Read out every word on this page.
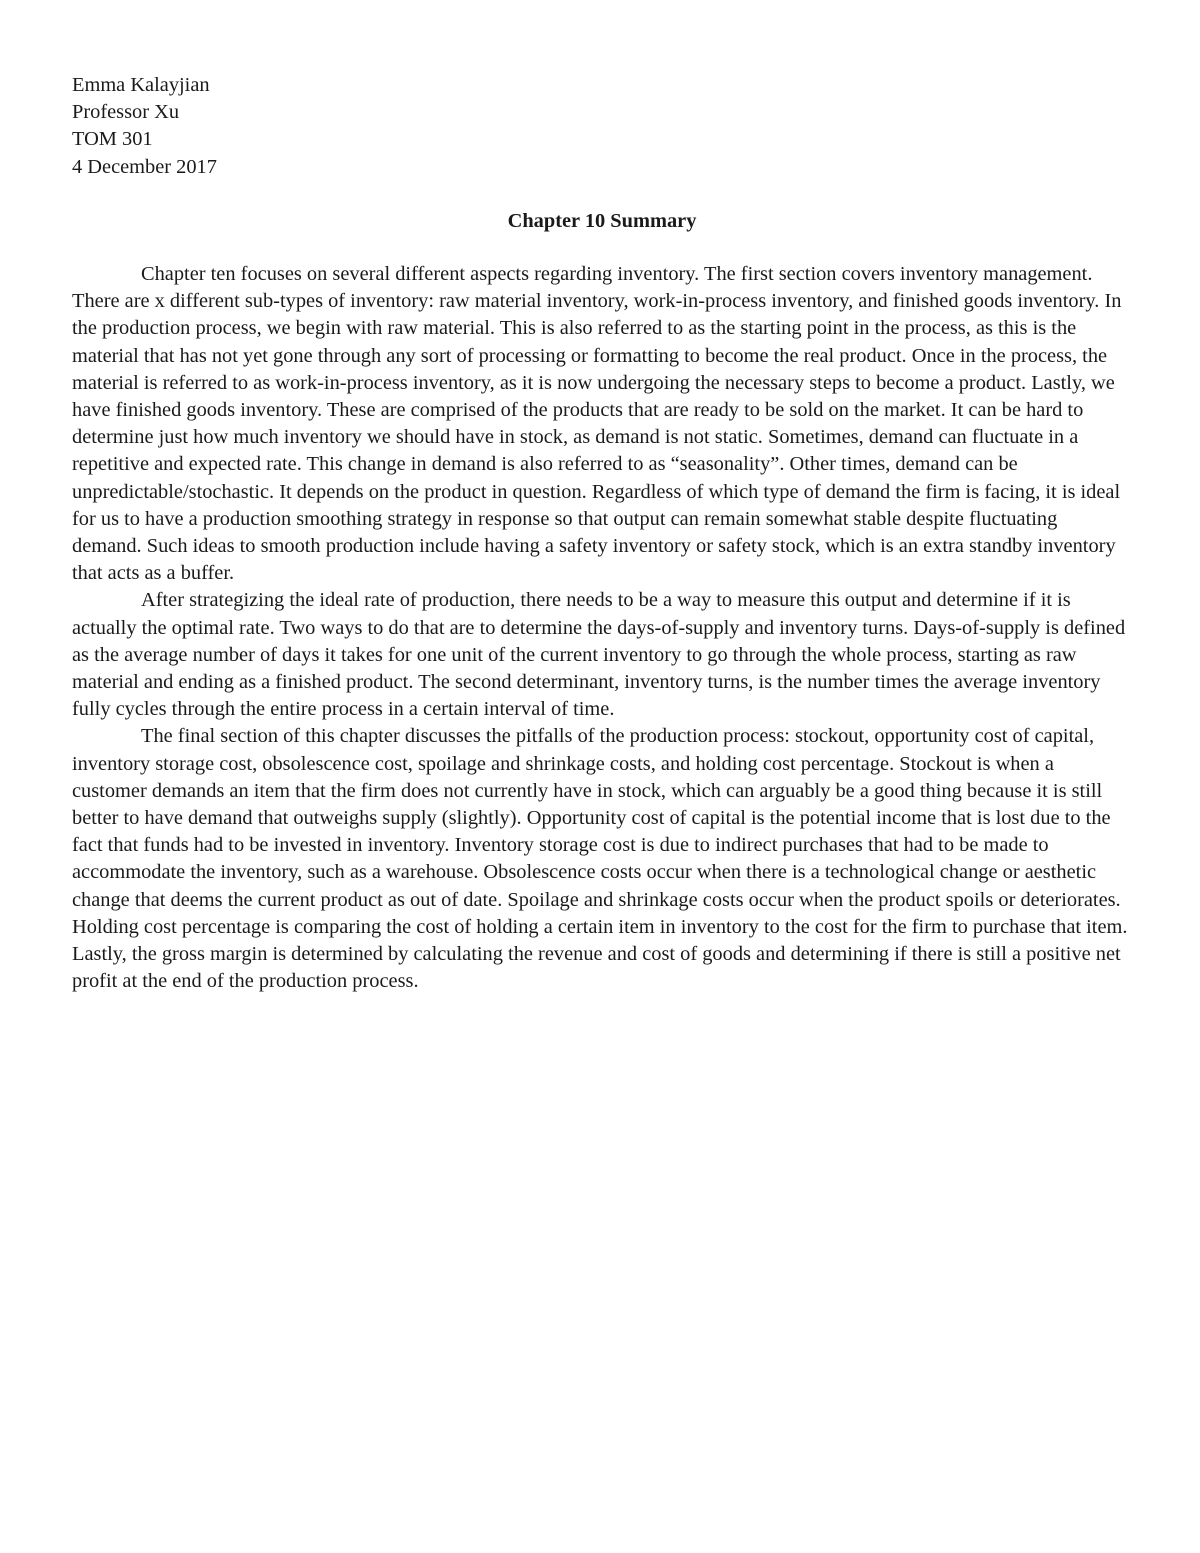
Emma Kalayjian
Professor Xu
TOM 301
4 December 2017
Chapter 10 Summary

Chapter ten focuses on several different aspects regarding inventory. The first section covers inventory management. There are x different sub-types of inventory: raw material inventory, work-in-process inventory, and finished goods inventory. In the production process, we begin with raw material. This is also referred to as the starting point in the process, as this is the material that has not yet gone through any sort of processing or formatting to become the real product. Once in the process, the material is referred to as work-in-process inventory, as it is now undergoing the necessary steps to become a product. Lastly, we have finished goods inventory. These are comprised of the products that are ready to be sold on the market. It can be hard to determine just how much inventory we should have in stock, as demand is not static. Sometimes, demand can fluctuate in a repetitive and expected rate. This change in demand is also referred to as “seasonality”. Other times, demand can be unpredictable/stochastic. It depends on the product in question. Regardless of which type of demand the firm is facing, it is ideal for us to have a production smoothing strategy in response so that output can remain somewhat stable despite fluctuating demand. Such ideas to smooth production include having a safety inventory or safety stock, which is an extra standby inventory that acts as a buffer.

After strategizing the ideal rate of production, there needs to be a way to measure this output and determine if it is actually the optimal rate. Two ways to do that are to determine the days-of-supply and inventory turns. Days-of-supply is defined as the average number of days it takes for one unit of the current inventory to go through the whole process, starting as raw material and ending as a finished product. The second determinant, inventory turns, is the number times the average inventory fully cycles through the entire process in a certain interval of time.

The final section of this chapter discusses the pitfalls of the production process: stockout, opportunity cost of capital, inventory storage cost, obsolescence cost, spoilage and shrinkage costs, and holding cost percentage. Stockout is when a customer demands an item that the firm does not currently have in stock, which can arguably be a good thing because it is still better to have demand that outweighs supply (slightly). Opportunity cost of capital is the potential income that is lost due to the fact that funds had to be invested in inventory. Inventory storage cost is due to indirect purchases that had to be made to accommodate the inventory, such as a warehouse. Obsolescence costs occur when there is a technological change or aesthetic change that deems the current product as out of date. Spoilage and shrinkage costs occur when the product spoils or deteriorates. Holding cost percentage is comparing the cost of holding a certain item in inventory to the cost for the firm to purchase that item. Lastly, the gross margin is determined by calculating the revenue and cost of goods and determining if there is still a positive net profit at the end of the production process.
